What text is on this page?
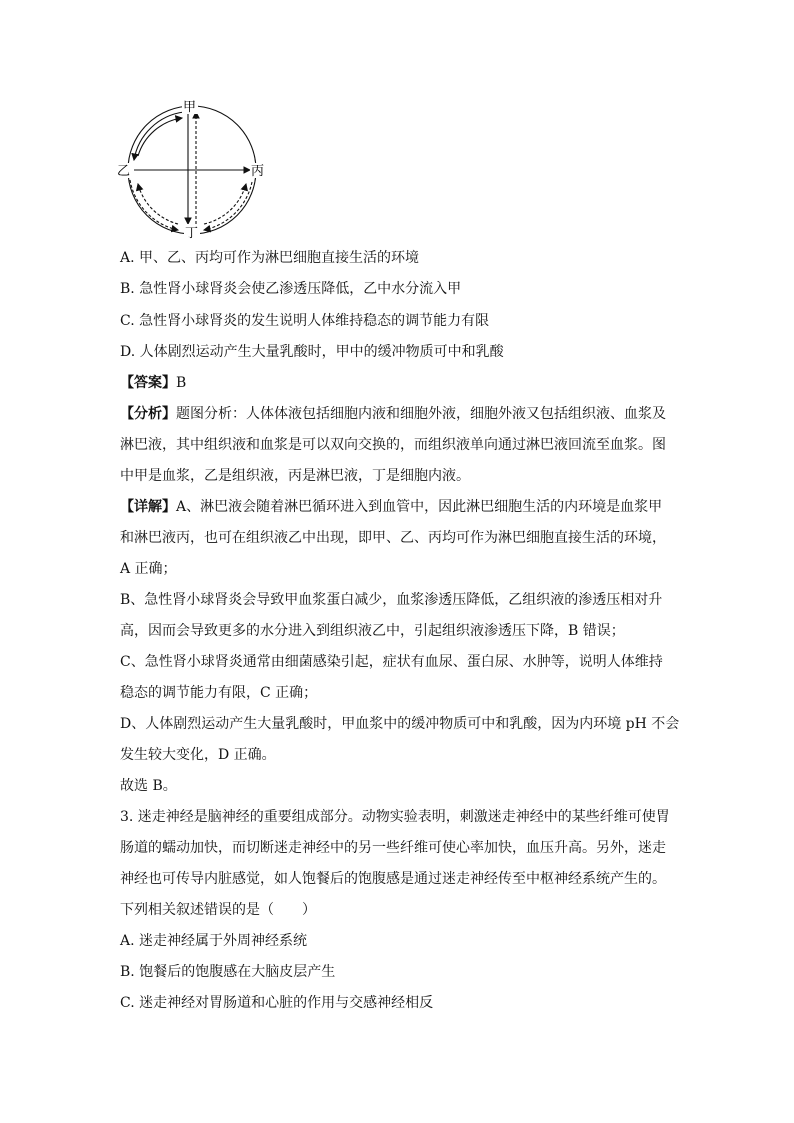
甲
乙	丙
丁
A. 甲、乙、丙均可作为淋巴细胞直接生活的环境
B. 急性肾小球肾炎会使乙渗透压降低，乙中水分流入甲
C. 急性肾小球肾炎的发生说明人体维持稳态的调节能力有限
D. 人体剧烈运动产生大量乳酸时，甲中的缓冲物质可中和乳酸
【答案】B
【分析】题图分析：人体体液包括细胞内液和细胞外液，细胞外液又包括组织液、血浆及
淋巴液，其中组织液和血浆是可以双向交换的，而组织液单向通过淋巴液回流至血浆。图
中甲是血浆，乙是组织液，丙是淋巴液，丁是细胞内液。
【详解】A、淋巴液会随着淋巴循环进入到血管中，因此淋巴细胞生活的内环境是血浆甲
和淋巴液丙，也可在组织液乙中出现，即甲、乙、丙均可作为淋巴细胞直接生活的环境，
A 正确；
B、急性肾小球肾炎会导致甲血浆蛋白减少，血浆渗透压降低，乙组织液的渗透压相对升
高，因而会导致更多的水分进入到组织液乙中，引起组织液渗透压下降，B 错误；
C、急性肾小球肾炎通常由细菌感染引起，症状有血尿、蛋白尿、水肿等，说明人体维持
稳态的调节能力有限，C 正确；
D、人体剧烈运动产生大量乳酸时，甲血浆中的缓冲物质可中和乳酸，因为内环境 pH 不会
发生较大变化，D 正确。
故选 B。
3. 迷走神经是脑神经的重要组成部分。动物实验表明，刺激迷走神经中的某些纤维可使胃
肠道的蠕动加快，而切断迷走神经中的另一些纤维可使心率加快，血压升高。另外，迷走
神经也可传导内脏感觉，如人饱餐后的饱腹感是通过迷走神经传至中枢神经系统产生的。
下列相关叙述错误的是（　　）
A. 迷走神经属于外周神经系统
B. 饱餐后的饱腹感在大脑皮层产生
C. 迷走神经对胃肠道和心脏的作用与交感神经相反
